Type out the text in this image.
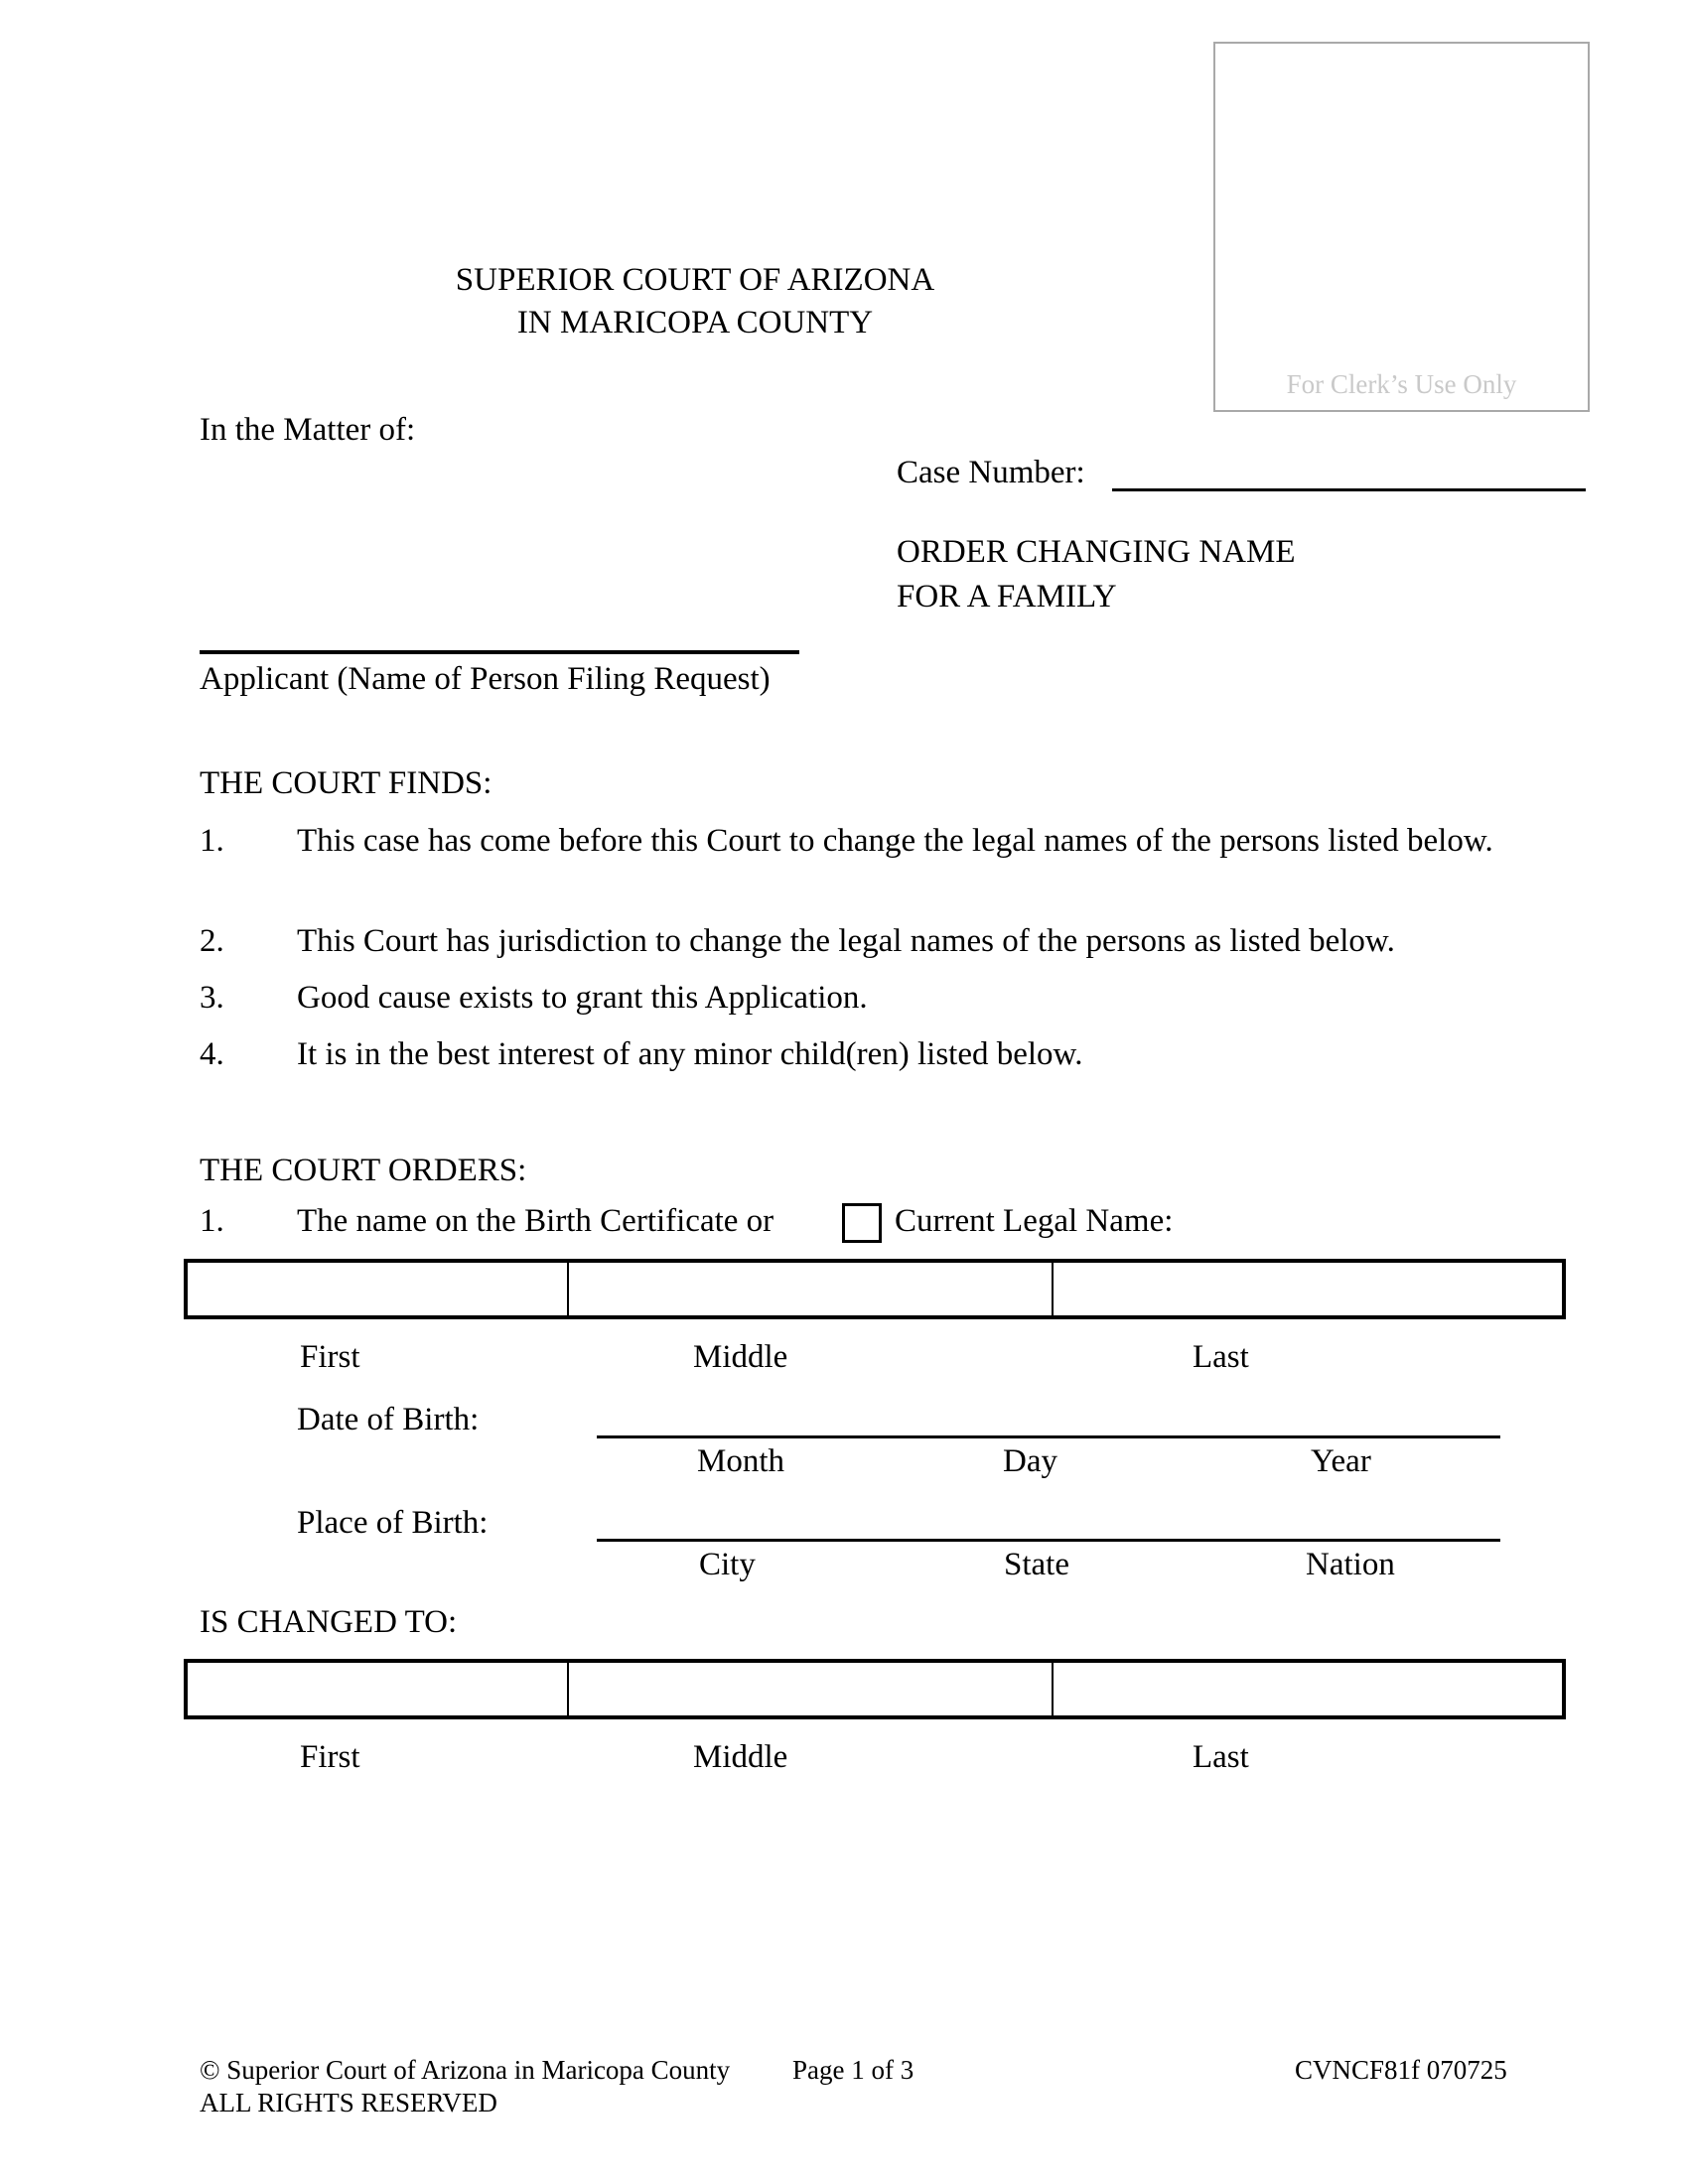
For Clerk’s Use Only
SUPERIOR COURT OF ARIZONA
IN MARICOPA COUNTY
In the Matter of:
Case Number:
ORDER CHANGING NAME
FOR A FAMILY
Applicant (Name of Person Filing Request)
THE COURT FINDS:
1. This case has come before this Court to change the legal names of the persons listed below.
2. This Court has jurisdiction to change the legal names of the persons as listed below.
3. Good cause exists to grant this Application.
4. It is in the best interest of any minor child(ren) listed below.
THE COURT ORDERS:
1. The name on the Birth Certificate or	Current Legal Name:
First	Middle	Last
Date of Birth:
Month	Day	Year
Place of Birth:
City	State	Nation
IS CHANGED TO:
First	Middle	Last
© Superior Court of Arizona in Maricopa County
ALL RIGHTS RESERVED
Page 1 of 3	CVNCF81f 070725
